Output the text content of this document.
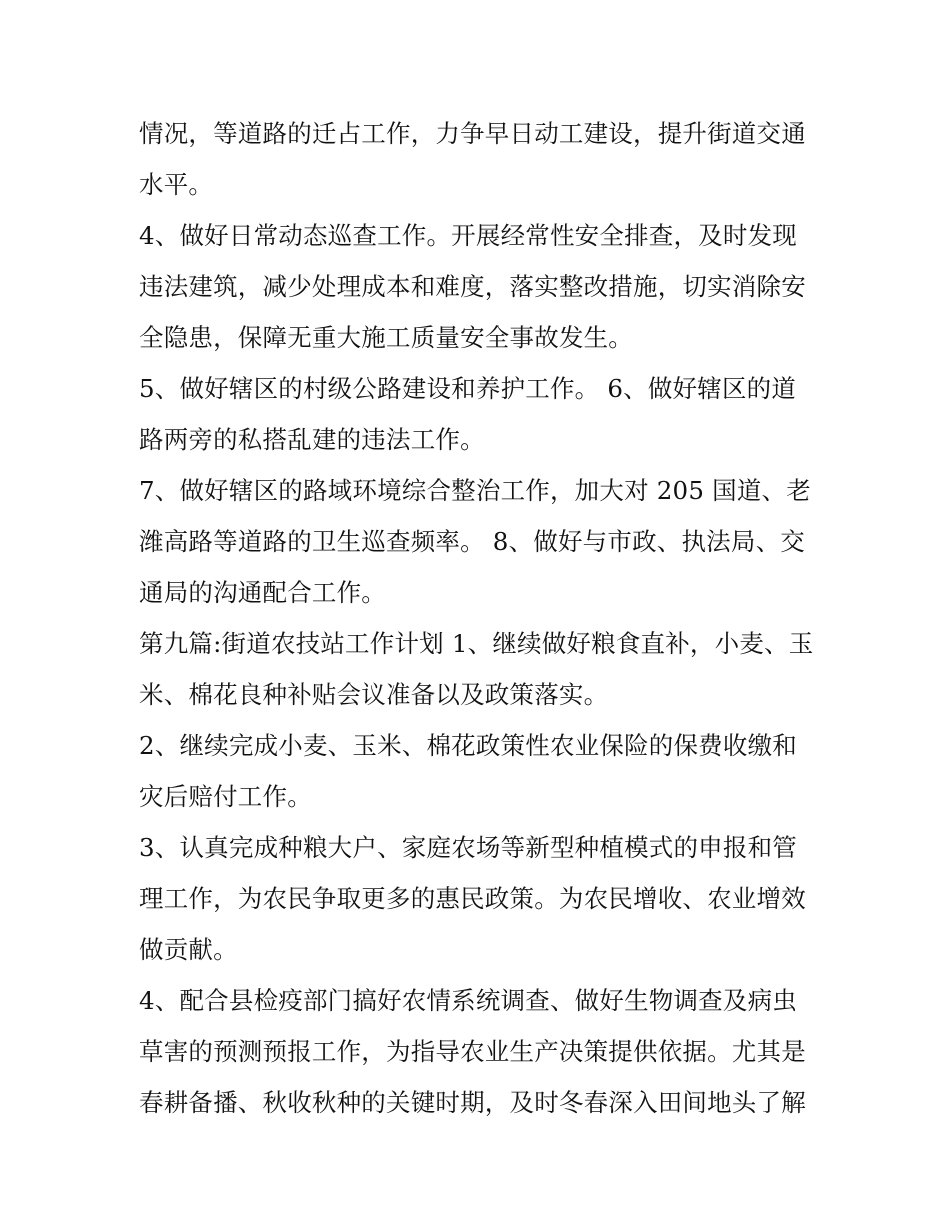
情况，等道路的迁占工作，力争早日动工建设，提升街道交通
水平。
4、做好日常动态巡查工作。开展经常性安全排查，及时发现
违法建筑，减少处理成本和难度，落实整改措施，切实消除安
全隐患，保障无重大施工质量安全事故发生。
5、做好辖区的村级公路建设和养护工作。 6、做好辖区的道
路两旁的私搭乱建的违法工作。
7、做好辖区的路域环境综合整治工作，加大对 205 国道、老
潍高路等道路的卫生巡查频率。 8、做好与市政、执法局、交
通局的沟通配合工作。
第九篇:街道农技站工作计划 1、继续做好粮食直补，小麦、玉
米、棉花良种补贴会议准备以及政策落实。
2、继续完成小麦、玉米、棉花政策性农业保险的保费收缴和
灾后赔付工作。
3、认真完成种粮大户、家庭农场等新型种植模式的申报和管
理工作，为农民争取更多的惠民政策。为农民增收、农业增效
做贡献。
4、配合县检疫部门搞好农情系统调查、做好生物调查及病虫
草害的预测预报工作，为指导农业生产决策提供依据。尤其是
春耕备播、秋收秋种的关键时期，及时冬春深入田间地头了解
